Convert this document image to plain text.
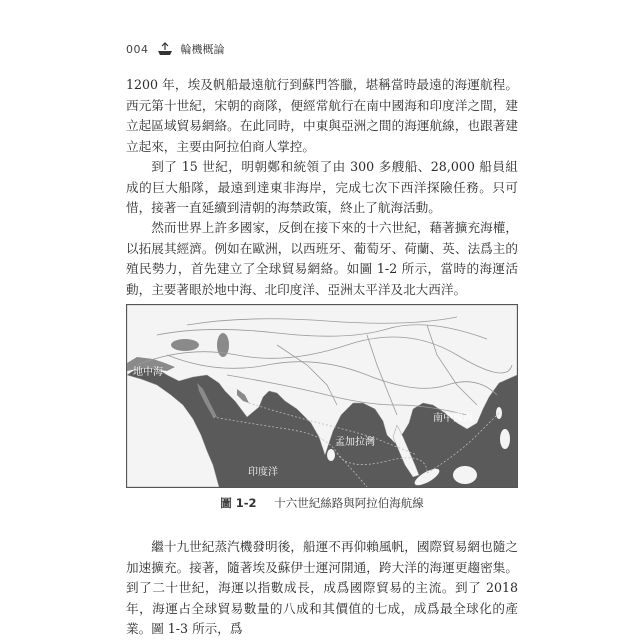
004	輪機概論

1200 年，埃及帆船最遠航行到蘇門答臘，堪稱當時最遠的海運航程。西元第十世紀，宋朝的商隊，便經常航行在南中國海和印度洋之間，建立起區域貿易網絡。在此同時，中東與亞洲之間的海運航線，也跟著建立起來，主要由阿拉伯商人掌控。

到了 15 世紀，明朝鄭和統領了由 300 多艘船、28,000 船員組成的巨大船隊，最遠到達東非海岸，完成七次下西洋探險任務。只可惜，接著一直延續到清朝的海禁政策，終止了航海活動。

然而世界上許多國家，反倒在接下來的十六世紀，藉著擴充海權，以拓展其經濟。例如在歐洲，以西班牙、葡萄牙、荷蘭、英、法爲主的殖民勢力，首先建立了全球貿易網絡。如圖 1-2 所示，當時的海運活動，主要著眼於地中海、北印度洋、亞洲太平洋及北大西洋。

地中海
印度洋
孟加拉灣
南中國海
圖 1-2 十六世紀絲路與阿拉伯海航線

繼十九世紀蒸汽機發明後，船運不再仰賴風帆，國際貿易網也隨之加速擴充。接著，隨著埃及蘇伊士運河開通，跨大洋的海運更趨密集。到了二十世紀，海運以指數成長，成爲國際貿易的主流。到了 2018 年，海運占全球貿易數量的八成和其價值的七成，成爲最全球化的產業。圖 1-3 所示，爲
